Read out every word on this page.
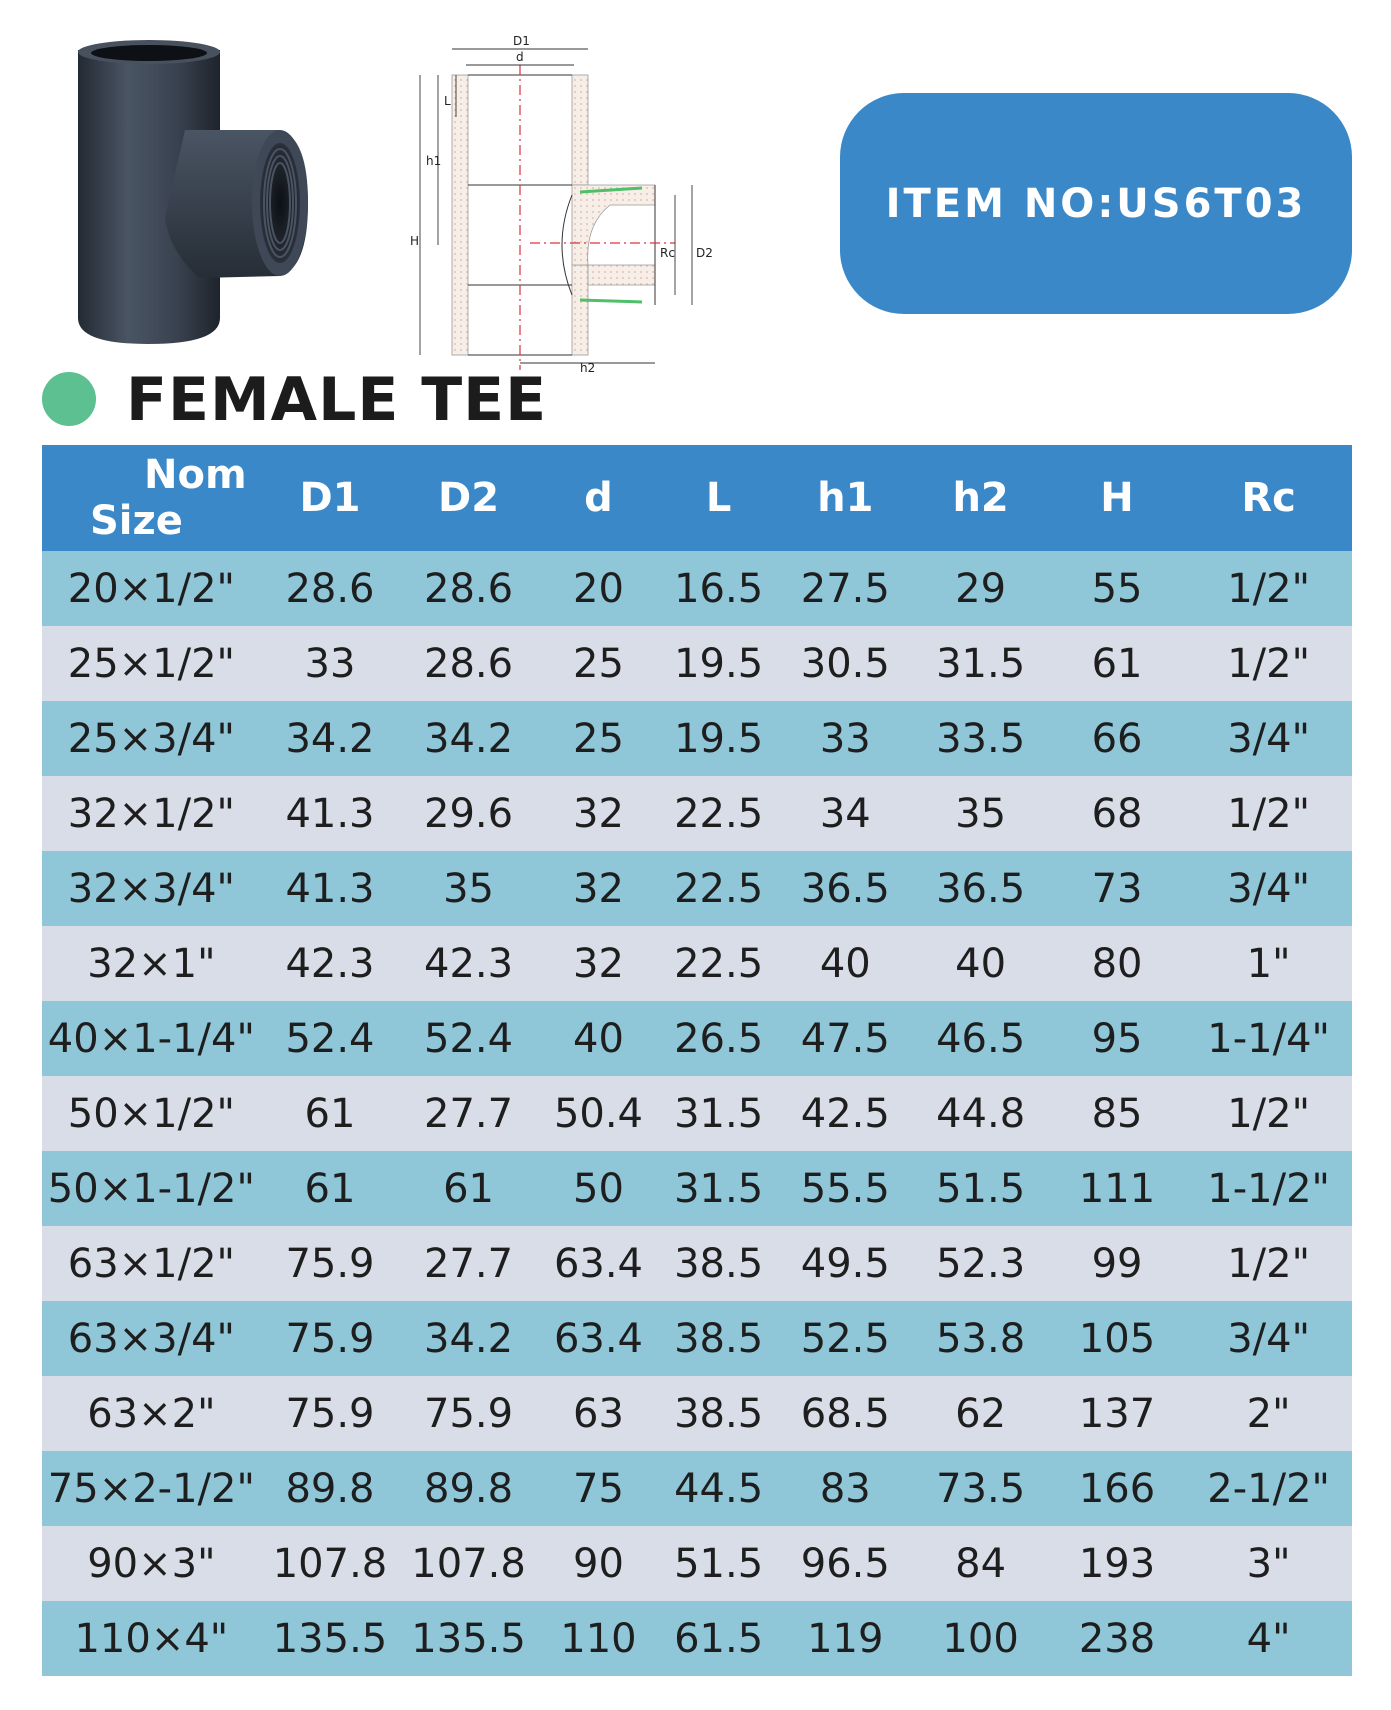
D1
d
L
h1
H
Rc D2
h2
ITEM NO:US6T03
FEMALE TEE
Nom
Size	D1	D2	d	L	h1	h2	H	Rc
20×1/2"	28.6	28.6	20	16.5	27.5	29	55	1/2"
25×1/2"	33	28.6	25	19.5	30.5	31.5	61	1/2"
25×3/4"	34.2	34.2	25	19.5	33	33.5	66	3/4"
32×1/2"	41.3	29.6	32	22.5	34	35	68	1/2"
32×3/4"	41.3	35	32	22.5	36.5	36.5	73	3/4"
32×1"	42.3	42.3	32	22.5	40	40	80	1"
40×1-1/4"	52.4	52.4	40	26.5	47.5	46.5	95	1-1/4"
50×1/2"	61	27.7	50.4	31.5	42.5	44.8	85	1/2"
50×1-1/2"	61	61	50	31.5	55.5	51.5	111	1-1/2"
63×1/2"	75.9	27.7	63.4	38.5	49.5	52.3	99	1/2"
63×3/4"	75.9	34.2	63.4	38.5	52.5	53.8	105	3/4"
63×2"	75.9	75.9	63	38.5	68.5	62	137	2"
75×2-1/2"	89.8	89.8	75	44.5	83	73.5	166	2-1/2"
90×3"	107.8	107.8	90	51.5	96.5	84	193	3"
110×4"	135.5	135.5	110	61.5	119	100	238	4"
